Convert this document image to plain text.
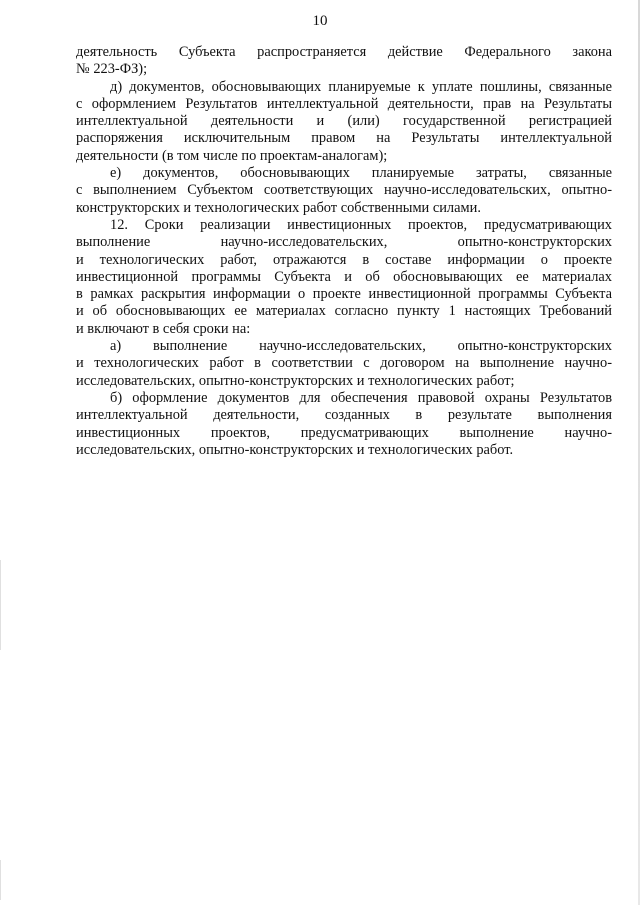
10
деятельность Субъекта распространяется действие Федерального закона
№ 223-ФЗ);
д) документов, обосновывающих планируемые к уплате пошлины, связанные
с оформлением Результатов интеллектуальной деятельности, прав на Результаты
интеллектуальной деятельности и (или) государственной регистрацией
распоряжения исключительным правом на Результаты интеллектуальной
деятельности (в том числе по проектам-аналогам);
е) документов, обосновывающих планируемые затраты, связанные
с выполнением Субъектом соответствующих научно-исследовательских, опытно-
конструкторских и технологических работ собственными силами.
12. Сроки реализации инвестиционных проектов, предусматривающих
выполнение научно-исследовательских, опытно-конструкторских
и технологических работ, отражаются в составе информации о проекте
инвестиционной программы Субъекта и об обосновывающих ее материалах
в рамках раскрытия информации о проекте инвестиционной программы Субъекта
и об обосновывающих ее материалах согласно пункту 1 настоящих Требований
и включают в себя сроки на:
а) выполнение научно-исследовательских, опытно-конструкторских
и технологических работ в соответствии с договором на выполнение научно-
исследовательских, опытно-конструкторских и технологических работ;
б) оформление документов для обеспечения правовой охраны Результатов
интеллектуальной деятельности, созданных в результате выполнения
инвестиционных проектов, предусматривающих выполнение научно-
исследовательских, опытно-конструкторских и технологических работ.
